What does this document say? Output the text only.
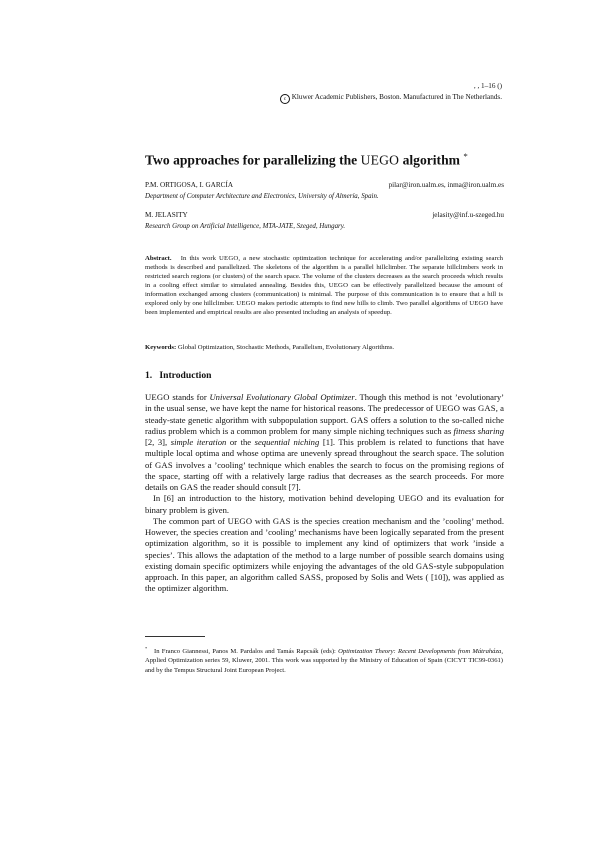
, , 1–16 ()
c Kluwer Academic Publishers, Boston. Manufactured in The Netherlands.
Two approaches for parallelizing the UEGO algorithm *
P.M. ORTIGOSA, I. GARCÍA	pilar@iron.ualm.es, inma@iron.ualm.es
Department of Computer Architecture and Electronics, University of Almería, Spain.
M. JELASITY	jelasity@inf.u-szeged.hu
Research Group on Artificial Intelligence, MTA-JATE, Szeged, Hungary.
Abstract. In this work UEGO, a new stochastic optimization technique for accelerating and/or parallelizing existing search methods is described and parallelized. The skeletons of the algorithm is a parallel hillclimber. The separate hillclimbers work in restricted search regions (or clusters) of the search space. The volume of the clusters decreases as the search proceeds which results in a cooling effect similar to simulated annealing. Besides this, UEGO can be effectively parallelized because the amount of information exchanged among clusters (communication) is minimal. The purpose of this communication is to ensure that a hill is explored only by one hillclimber. UEGO makes periodic attempts to find new hills to climb. Two parallel algorithms of UEGO have been implemented and empirical results are also presented including an analysis of speedup.
Keywords: Global Optimization, Stochastic Methods, Parallelism, Evolutionary Algorithms.
1. Introduction

UEGO stands for Universal Evolutionary Global Optimizer. Though this method is not ’evolutionary’ in the usual sense, we have kept the name for historical reasons. The predecessor of UEGO was GAS, a steady-state genetic algorithm with subpopulation support. GAS offers a solution to the so-called niche radius problem which is a common problem for many simple niching techniques such as fitness sharing [2, 3], simple iteration or the sequential niching [1]. This problem is related to functions that have multiple local optima and whose optima are unevenly spread throughout the search space. The solution of GAS involves a ’cooling’ technique which enables the search to focus on the promising regions of the space, starting off with a relatively large radius that decreases as the search proceeds. For more details on GAS the reader should consult [7].

In [6] an introduction to the history, motivation behind developing UEGO and its evaluation for binary problem is given.

The common part of UEGO with GAS is the species creation mechanism and the ’cooling’ method. However, the species creation and ’cooling’ mechanisms have been logically separated from the present optimization algorithm, so it is possible to implement any kind of optimizers that work ’inside a species’. This allows the adaptation of the method to a large number of possible search domains using existing domain specific optimizers while enjoying the advantages of the old GAS-style subpopulation approach. In this paper, an algorithm called SASS, proposed by Solis and Wets ( [10]), was applied as the optimizer algorithm.

* In Franco Giannessi, Panos M. Pardalos and Tamás Rapcsák (eds): Optimization Theory: Recent Developments from Mátraháza, Applied Optimization series 59, Kluwer, 2001. This work was supported by the Ministry of Education of Spain (CICYT TIC99-0361) and by the Tempus Structural Joint European Project.
